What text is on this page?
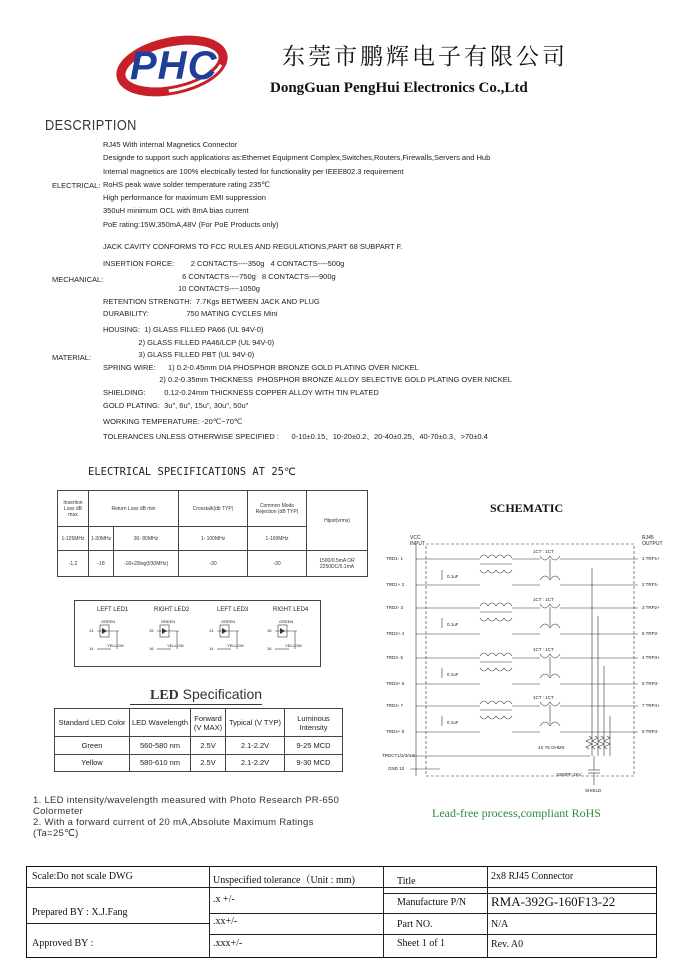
PHC	东莞市鹏辉电子有限公司
DongGuan PengHui Electronics Co.,Ltd
DESCRIPTION
ELECTRICAL:
RJ45 With internal Magnetics Connector
Designde to support such applications as:Ethernet Equipment Complex,Switches,Routers,Firewalls,Servers and Hub
Internal magnetics are 100% electrically tested for functionality per IEEE802.3 requirement
RoHS peak wave solder temperature rating 235℃
High performance for maximum EMI suppression
350uH minimum OCL with 8mA bias current
PoE rating:15W,350mA,48V (For PoE Products only)
MECHANICAL:
JACK CAVITY CONFORMS TO FCC RULES AND REGULATIONS,PART 68 SUBPART F.
INSERTION FORCE:        2 CONTACTS----350g   4 CONTACTS----500g
6 CONTACTS----750g   8 CONTACTS----900g
10 CONTACTS----1050g
RETENTION STRENGTH:  7.7Kgs BETWEEN JACK AND PLUG
DURABILITY:                  750 MATING CYCLES Mini
MATERIAL:
HOUSING:  1) GLASS FILLED PA66 (UL 94V-0)
2) GLASS FILLED PA46/LCP (UL 94V-0)
3) GLASS FILLED PBT (UL 94V-0)
SPRING WIRE:      1) 0.2-0.45mm DIA PHOSPHOR BRONZE GOLD PLATING OVER NICKEL
2) 0.2-0.35mm THICKNESS  PHOSPHOR BRONZE ALLOY SELECTIVE GOLD PLATING OVER NICKEL
SHIELDING:         0.12-0.24mm THICKNESS COPPER ALLOY WITH TIN PLATED
GOLD PLATING:  3u", 6u", 15u", 30u", 50u"
WORKING TEMPERATURE: -20℃~70℃
TOLERANCES UNLESS OTHERWISE SPECIFIED :      0-10±0.15、10-20±0.2、20-40±0.25、40-70±0.3、>70±0.4
ELECTRICAL SPECIFICATIONS AT 25℃
Insertion Loss dB max	Return Loss dB min		Crosstalk(db TYP)	Common Mode Rejection (dB TYP)	Hipot(vrms)
1-125MHz	1-30MHz	30- 80MHz	1- 100MHz	1-100MHz	
-1.2	-18	-18+20log(f/30MHz)	-30	-30	1500/0.5mA OR 2250DC/0.1mA
LEFT LED1	RIGHT LED2	LEFT LED3	RIGHT LED4
GREEN
YELLOW
13
14
GREEN
YELLOW
15
16
GREEN
YELLOW
13
14
GREEN
YELLOW
15
16
LED Specification
Standard LED Color	LED Wavelength	Forward (V MAX)	Typical (V TYP)	Luminous Intensity
Green	560-580 nm	2.5V	2.1-2.2V	9-25 MCD
Yellow	580-610 nm	2.5V	2.1-2.2V	9-30 MCD
1. LED intensity/wavelength measured with Photo Research PR-650
Colormeter
2. With a forward current of 20 mA,Absolute Maximum Ratings
(Ta=25℃)
SCHEMATIC
VCC
INPUT
RJ45
OUTPUT
TRD1- 1
TRD1+ 2
TRD2- 3
TRD2+ 4
TRD3- 5
TRD3+ 6
TRD4- 7
TRD4+ 8
TRDCT1/2/3/4 9
GND 10
1 TRP1+
2 TRP1-
3 TRP2+
6 TRP2-
4 TRP3+
5 TRP3-
7 TRP4+
8 TRP4-
1CT : 1CT
1CT : 1CT
1CT : 1CT
1CT : 1CT
0.1uF
0.1uF
0.1uF
0.1uF
4X 75 OHMS
1000PF 2KV
SHIELD
Lead-free process,compliant RoHS
Scale:Do not scale DWG	Unspecified tolerance（Unit : mm)
.x +/-
.xx+/-
.xxx+/-
Prepared BY : X.J.Fang
Approved BY :
Title	2x8 RJ45 Connector
Manufacture P/N RMA-392G-160F13-22
Part NO.	N/A
Sheet 1 of 1	Rev. A0
